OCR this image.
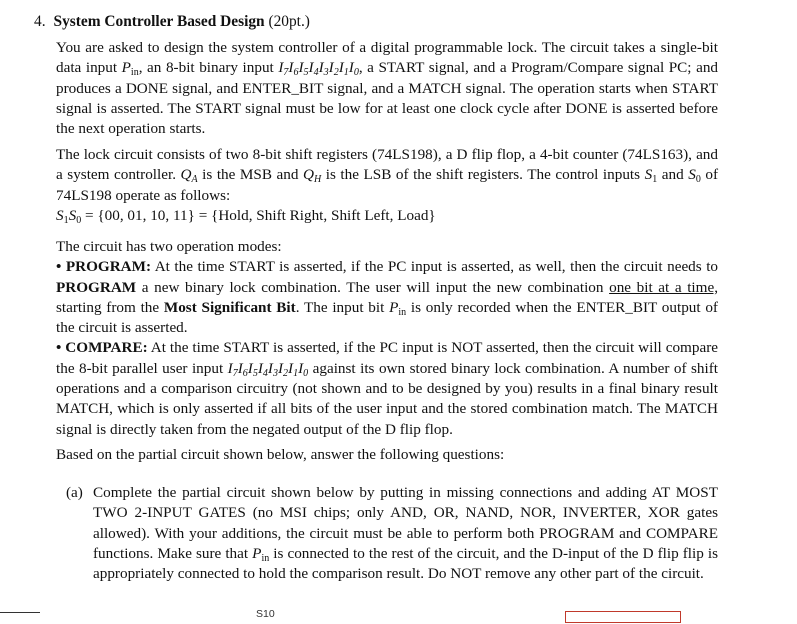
4. System Controller Based Design (20pt.)
You are asked to design the system controller of a digital programmable lock. The circuit takes a single-bit data input $P_{in}$, an 8-bit binary input $I_7I_6I_5I_4I_3I_2I_1I_0$, a START signal, and a Program/Compare signal PC; and produces a DONE signal, and ENTER_BIT signal, and a MATCH signal. The operation starts when START signal is asserted. The START signal must be low for at least one clock cycle after DONE is asserted before the next operation starts.
The lock circuit consists of two 8-bit shift registers (74LS198), a D flip flop, a 4-bit counter (74LS163), and a system controller. $Q_A$ is the MSB and $Q_H$ is the LSB of the shift registers. The control inputs $S_1$ and $S_0$ of 74LS198 operate as follows:
$S_1S_0 = \{00$, 01, 10, 11} = {Hold, Shift Right, Shift Left, Load}
The circuit has two operation modes:
• PROGRAM: At the time START is asserted, if the PC input is asserted, as well, then the circuit needs to PROGRAM a new binary lock combination. The user will input the new combination one bit at a time, starting from the Most Significant Bit. The input bit $P_{in}$ is only recorded when the ENTER_BIT output of the circuit is asserted.
• COMPARE: At the time START is asserted, if the PC input is NOT asserted, then the circuit will compare the 8-bit parallel user input $I_7I_6I_5I_4I_3I_2I_1I_0$ against its own stored binary lock combination. A number of shift operations and a comparison circuitry (not shown and to be designed by you) results in a final binary result MATCH, which is only asserted if all bits of the user input and the stored combination match. The MATCH signal is directly taken from the negated output of the D flip flop.
Based on the partial circuit shown below, answer the following questions:
(a) Complete the partial circuit shown below by putting in missing connections and adding AT MOST TWO 2-INPUT GATES (no MSI chips; only AND, OR, NAND, NOR, INVERTER, XOR gates allowed). With your additions, the circuit must be able to perform both PROGRAM and COMPARE functions. Make sure that $P_{in}$ is connected to the rest of the circuit, and the D-input of the D flip flip is appropriately connected to hold the comparison result. Do NOT remove any other part of the circuit.
S10
